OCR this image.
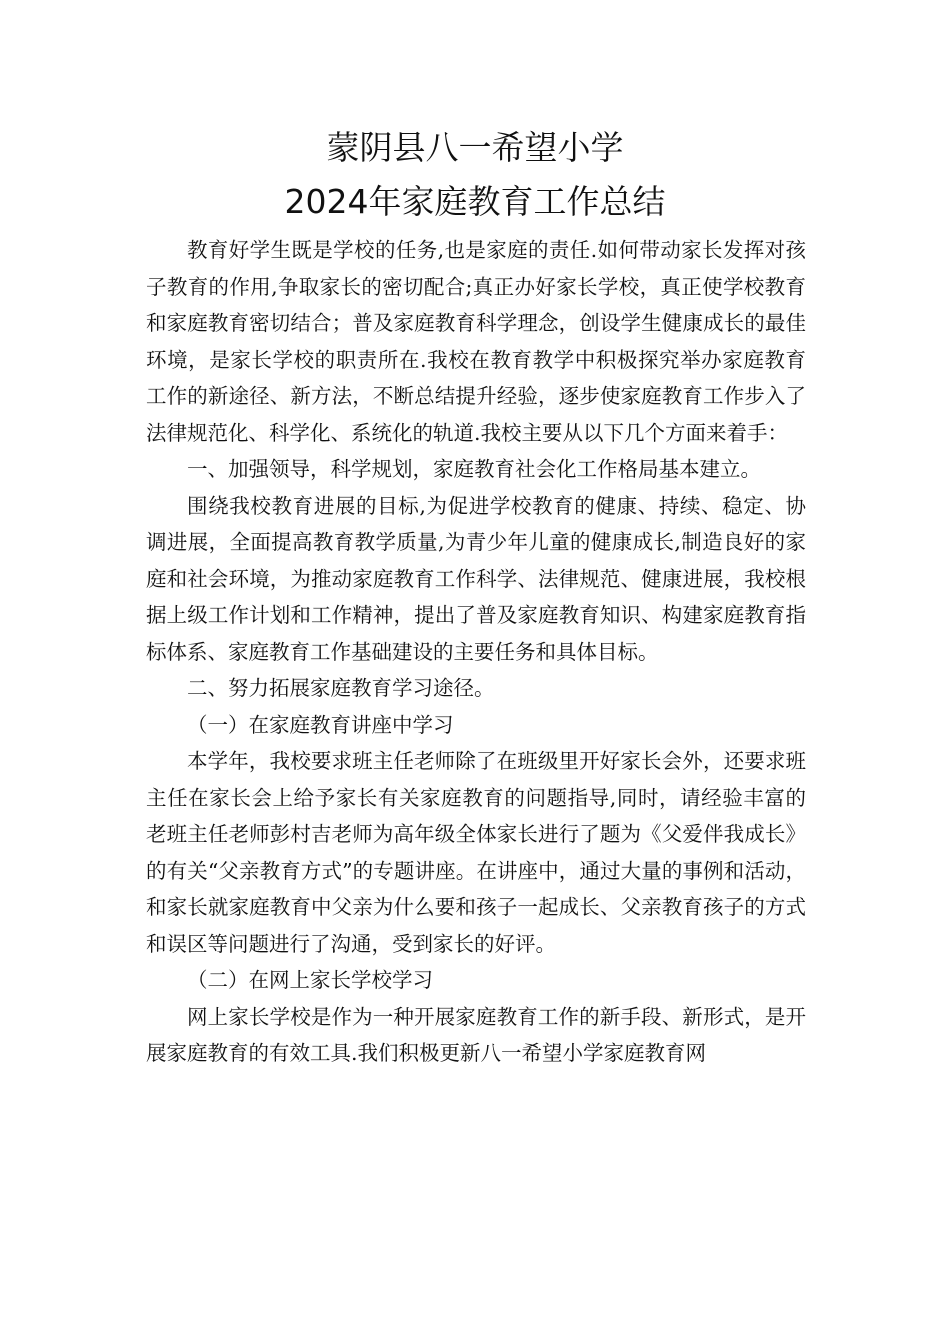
蒙阴县八一希望小学
2024年家庭教育工作总结

教育好学生既是学校的任务,也是家庭的责任.如何带动家长发挥对孩子教育的作用,争取家长的密切配合;真正办好家长学校，真正使学校教育和家庭教育密切结合；普及家庭教育科学理念，创设学生健康成长的最佳环境，是家长学校的职责所在.我校在教育教学中积极探究举办家庭教育工作的新途径、新方法，不断总结提升经验，逐步使家庭教育工作步入了法律规范化、科学化、系统化的轨道.我校主要从以下几个方面来着手：

一、加强领导，科学规划，家庭教育社会化工作格局基本建立。

围绕我校教育进展的目标,为促进学校教育的健康、持续、稳定、协调进展，全面提高教育教学质量,为青少年儿童的健康成长,制造良好的家庭和社会环境，为推动家庭教育工作科学、法律规范、健康进展，我校根据上级工作计划和工作精神，提出了普及家庭教育知识、构建家庭教育指标体系、家庭教育工作基础建设的主要任务和具体目标。

二、努力拓展家庭教育学习途径。

（一）在家庭教育讲座中学习

本学年，我校要求班主任老师除了在班级里开好家长会外，还要求班主任在家长会上给予家长有关家庭教育的问题指导,同时，请经验丰富的老班主任老师彭村吉老师为高年级全体家长进行了题为《父爱伴我成长》的有关“父亲教育方式”的专题讲座。在讲座中，通过大量的事例和活动，和家长就家庭教育中父亲为什么要和孩子一起成长、父亲教育孩子的方式和误区等问题进行了沟通，受到家长的好评。

（二）在网上家长学校学习

网上家长学校是作为一种开展家庭教育工作的新手段、新形式，是开展家庭教育的有效工具.我们积极更新八一希望小学家庭教育网
